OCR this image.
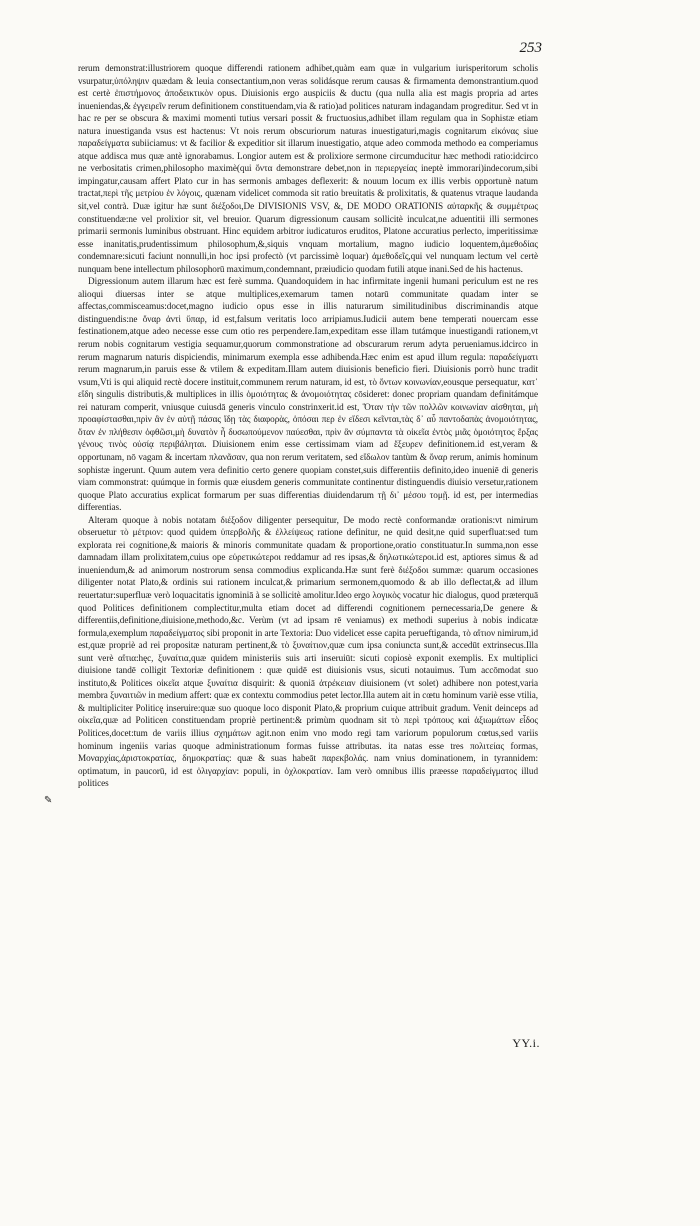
253

rerum demonstrat:illustriorem quoque differendi rationem adhibet,quàm eam quæ in vulgarium iurisperitorum scholis vsurpatur,ὑπόληψιν quædam & leuia consectantium,non veras solidásque rerum causas & firmamenta demonstrantium.quod est certè ἐπιστήμονος ἀποδεικτικὸν opus. Diuisionis ergo auspiciis & ductu (qua nulla alia est magis propria ad artes inueniendas,& ἐγγειρεῖν rerum definitionem constituendam,via & ratio)ad politices naturam indagandam progreditur. Sed vt in hac re per se obscura & maximi momenti tutius versari possit & fructuosius,adhibet illam regulam qua in Sophistæ etiam natura inuestiganda vsus est hactenus: Vt nois rerum obscuriorum naturas inuestigaturi,magis cognitarum εἰκόνας siue παραδείγματα subiiciamus: vt & facilior & expeditior sit illarum inuestigatio, atque adeo commoda methodo ea comperiamus atque addisca mus quæ antè ignorabamus. Longior autem est & prolixiore sermone circumducitur hæc methodi ratio:idcirco ne verbositatis crimen,philosopho maximè(qui ὄντα demonstrare debet,non in περιεργείας ineptè immorari)indecorum,sibi impingatur,causam affert Plato cur in has sermonis ambages deflexerit: & nouum locum ex illis verbis opportunè natum tractat,περὶ τῆς μετρίου ἐν λόγοις, quænam videlicet commoda sit ratio breuitatis & prolixitatis, & quatenus vtraque laudanda sit,vel contrà. Duæ igitur hæ sunt διέξοδοι,De DIVISIONIS VSV, &, DE MODO ORATIONIS αὐταρκῆς & συμμέτρως constituendæ:ne vel prolixior sit, vel breuior. Quarum digressionum causam sollicitè inculcat,ne aduentitii illi sermones primarii sermonis luminibus obstruant. Hinc equidem arbitror iudicaturos eruditos, Platone accuratius perlecto, imperitissimæ esse inanitatis,prudentissimum philosophum,&,siquis vnquam mortalium, magno iudicio loquentem,ἀμεθοδίας condemnare:sicuti faciunt nonnulli,in hoc ipsi profectò (vt parcissimè loquar) ἀμεθοδεῖς,qui vel nunquam lectum vel certè nunquam bene intellectum philosophorū maximum,condemnant, præiudicio quodam futili atque inani.Sed de his hactenus.

Digressionum autem illarum hæc est ferè summa. Quandoquidem in hac infirmitate ingenii humani periculum est ne res alioqui diuersas inter se atque multiplices,exemarum tamen notarū communitate quadam inter se affectas,commisceamus:docet,magno iudicio opus esse in illis naturarum similitudinibus discriminandis atque distinguendis:ne ὄναρ ἀντὶ ὕπαρ, id est,falsum veritatis loco arripiamus.Iudicii autem bene temperati nouercam esse festinationem,atque adeo necesse esse cum otio res perpendere.Iam,expeditam esse illam tutámque inuestigandi rationem,vt rerum nobis cognitarum vestigia sequamur,quorum commonstratione ad obscurarum rerum adyta perueniamus.idcirco in rerum magnarum naturis dispiciendis, minimarum exempla esse adhibenda.Hæc enim est apud illum regula: παραδείγματι rerum magnarum,in paruis esse & vtilem & expeditam.Illam autem diuisionis beneficio fieri. Diuisionis porrò hunc tradit vsum,Vti is qui aliquid rectè docere instituit,communem rerum naturam, id est, τὸ ὄντων κοινωνίαν,eousque persequatur, κατ᾽ εἴδη singulis distributis,& multiplices in illis ὁμοιότητας & ἀνομοιότητας cōsideret: donec propriam quandam definitámque rei naturam comperit, vniusque cuiusdā generis vinculo constrinxerit.id est, Ὅταν τὴν τῶν πολλῶν κοινωνίαν αἰσθηται, μὴ προαφίστασθαι,πρὶν ἂν ἐν αὐτῇ πάσας ἴδῃ τὰς διαφορὰς, ὁπόσαι περ ἐν εἴδεσι κεῖνται,τὰς δ᾽ αὖ παντοδαπὰς ἀνομοιότητας, ὅταν ἐν πλήθεσιν ὀφθῶσι,μὴ δυνατὸν ἦ δυσωπούμενον παύεσθαι, πρὶν ἂν σύμπαντα τὰ οἰκεῖα ἐντὸς μιᾶς ὁμοιότητος ἕρξας γένους τινὸς οὐσίᾳ περιβάληται. Diuisionem enim esse certissimam viam ad ἔξευρεν definitionem.id est,veram & opportunam, nō vagam & incertam πλανᾶσαν, qua non rerum veritatem, sed εἴδωλον tantùm & ὄναρ rerum, animis hominum sophistæ ingerunt. Quum autem vera definitio certo genere quopiam constet,suis differentiis definito,ideo inueniē di generis viam commonstrat: quúmque in formis quæ eiusdem generis communitate continentur distinguendis diuisio versetur,rationem quoque Plato accuratius explicat formarum per suas differentias diuidendarum τῇ δι᾽ μέσου τομῇ. id est, per intermedias differentias.

Alteram quoque à nobis notatam διέξοδον diligenter persequitur, De modo rectè conformandæ orationis:vt nimirum obseruetur τὸ μέτριον: quod quidem ὑπερβολῆς & ἐλλείψεως ratione definitur, ne quid desit,ne quid superfluat:sed tum explorata rei cognitione,& maioris & minoris communitate quadam & proportione,oratio constituatur.In summa,non esse damnadam illam prolixitatem,cuius ope εὑρετικώτεροι reddamur ad res ipsas,& δηλωτικώτεροι.id est, aptiores simus & ad inueniendum,& ad animorum nostrorum sensa commodius explicanda.Hæ sunt ferè διέξοδοι summæ: quarum occasiones diligenter notat Plato,& ordinis sui rationem inculcat,& primarium sermonem,quomodo & ab illo deflectat,& ad illum reuertatur:superfluæ verò loquacitatis ignominiā à se sollicitè amolitur.Ideo ergo λογικὸς vocatur hic dialogus, quod præterquā quod Politices definitionem complectitur,multa etiam docet ad differendi cognitionem pernecessaria,De genere & differentiis,definitione,diuisione,methodo,&c. Verùm (vt ad ipsam rē veniamus) ex methodi superius à nobis indicatæ formula,exemplum παραδείγματος sibi proponit in arte Textoria: Duo videlicet esse capita perueftiganda, τὸ αἴτιον nimirum,id est,quæ propriè ad rei propositæ naturam pertinent,& τὸ ξυναίτιον,quæ cum ipsa coniuncta sunt,& accedūt extrinsecus.Illa sunt verè αἴτια:hęc, ξυναίτια,quæ quidem ministeriis suis arti inseruiūt: sicuti copiosè exponit exemplis. Ex multiplici diuisione tandē colligit Textoriæ definitionem : quæ quidē est diuisionis vsus, sicuti notauimus. Tum accōmodat suo instituto,& Politices οἰκεῖα atque ξυναίτια disquirit: & quoniā ἀτρέκειαν diuisionem (vt solet) adhibere non potest,varia membra ξυναιτιῶν in medium affert: quæ ex contextu commodius petet lector.Illa autem ait in cœtu hominum variè esse vtilia, & multipliciter Politicę inseruire:quæ suo quoque loco disponit Plato,& proprium cuique attribuit gradum. Venit deinceps ad οἰκεῖα,quæ ad Politicen constituendam propriè pertinent:& primùm quodnam sit τὸ περὶ τρόπους καὶ ἀξιωμάτων εἶδος Politices,docet:tum de variis illius σχημάτων agit.non enim vno modo regi tam variorum populorum cœtus,sed variis hominum ingeniis varias quoque administrationum formas fuisse attributas. ita natas esse tres πολιτείας formas, Μοναρχίας,ἀριστοκρατίας, δημοκρατίας: quæ & suas habeāt παρεκβολάς. nam vnius dominationem, in tyrannidem: optimatum, in paucorū, id est ὀλιγαρχίαν: populi, in ὀχλοκρατίαν. Iam verò omnibus illis præesse παραδείγματος illud politices

✎
YY.i.
